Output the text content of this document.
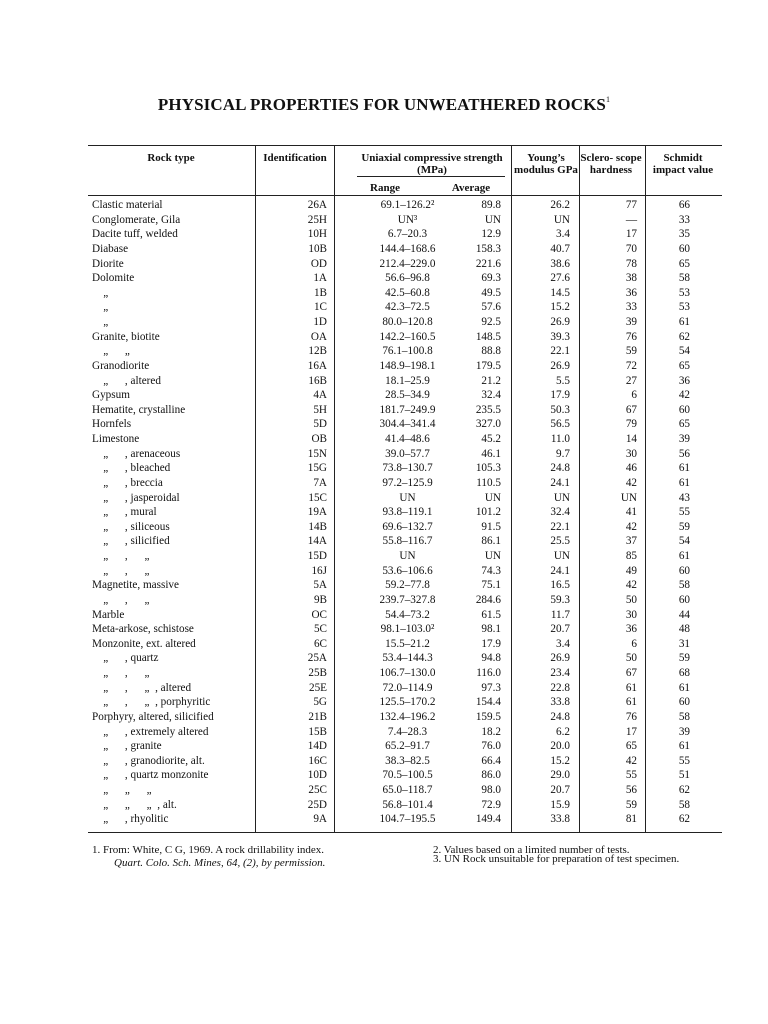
PHYSICAL PROPERTIES FOR UNWEATHERED ROCKS$^1$
Rock type	Identification	Uniaxial compressive strength (MPa)
Range	Average
Young’s modulus GPa
Sclero- scope hardness
Schmidt impact value
Clastic material	26A	69.1–126.2²	89.8	26.2	77	66
Conglomerate, Gila	25H	UN³	UN	UN	—	33
Dacite tuff, welded	10H	6.7–20.3	12.9	3.4	17	35
Diabase	10B	144.4–168.6	158.3	40.7	70	60
Diorite	OD	212.4–229.0	221.6	38.6	78	65
Dolomite	1A	56.6–96.8	69.3	27.6	38	58
„	1B	42.5–60.8	49.5	14.5	36	53
„	1C	42.3–72.5	57.6	15.2	33	53
„	1D	80.0–120.8	92.5	26.9	39	61
Granite, biotite	OA	142.2–160.5	148.5	39.3	76	62
„      „	12B	76.1–100.8	88.8	22.1	59	54
Granodiorite	16A	148.9–198.1	179.5	26.9	72	65
„      , altered	16B	18.1–25.9	21.2	5.5	27	36
Gypsum	4A	28.5–34.9	32.4	17.9	6	42
Hematite, crystalline	5H	181.7–249.9	235.5	50.3	67	60
Hornfels	5D	304.4–341.4	327.0	56.5	79	65
Limestone	OB	41.4–48.6	45.2	11.0	14	39
„      , arenaceous	15N	39.0–57.7	46.1	9.7	30	56
„      , bleached	15G	73.8–130.7	105.3	24.8	46	61
„      , breccia	7A	97.2–125.9	110.5	24.1	42	61
„      , jasperoidal	15C	UN	UN	UN	UN	43
„      , mural	19A	93.8–119.1	101.2	32.4	41	55
„      , siliceous	14B	69.6–132.7	91.5	22.1	42	59
„      , silicified	14A	55.8–116.7	86.1	25.5	37	54
„      ,      „	15D	UN	UN	UN	85	61
„      ,      „	16J	53.6–106.6	74.3	24.1	49	60
Magnetite, massive	5A	59.2–77.8	75.1	16.5	42	58
„      ,      „	9B	239.7–327.8	284.6	59.3	50	60
Marble	OC	54.4–73.2	61.5	11.7	30	44
Meta-arkose, schistose	5C	98.1–103.0²	98.1	20.7	36	48
Monzonite, ext. altered	6C	15.5–21.2	17.9	3.4	6	31
„      , quartz	25A	53.4–144.3	94.8	26.9	50	59
„      ,      „	25B	106.7–130.0	116.0	23.4	67	68
„      ,      „  , altered	25E	72.0–114.9	97.3	22.8	61	61
„      ,      „  , porphyritic	5G	125.5–170.2	154.4	33.8	61	60
Porphyry, altered, silicified	21B	132.4–196.2	159.5	24.8	76	58
„      , extremely altered	15B	7.4–28.3	18.2	6.2	17	39
„      , granite	14D	65.2–91.7	76.0	20.0	65	61
„      , granodiorite, alt.	16C	38.3–82.5	66.4	15.2	42	55
„      , quartz monzonite	10D	70.5–100.5	86.0	29.0	55	51
„      „      „	25C	65.0–118.7	98.0	20.7	56	62
„      „      „  , alt.	25D	56.8–101.4	72.9	15.9	59	58
„      , rhyolitic	9A	104.7–195.5	149.4	33.8	81	62
1. From: White, C G, 1969. A rock drillability index.
Quart. Colo. Sch. Mines, 64, (2), by permission.
2. Values based on a limited number of tests.
3. UN Rock unsuitable for preparation of test specimen.
